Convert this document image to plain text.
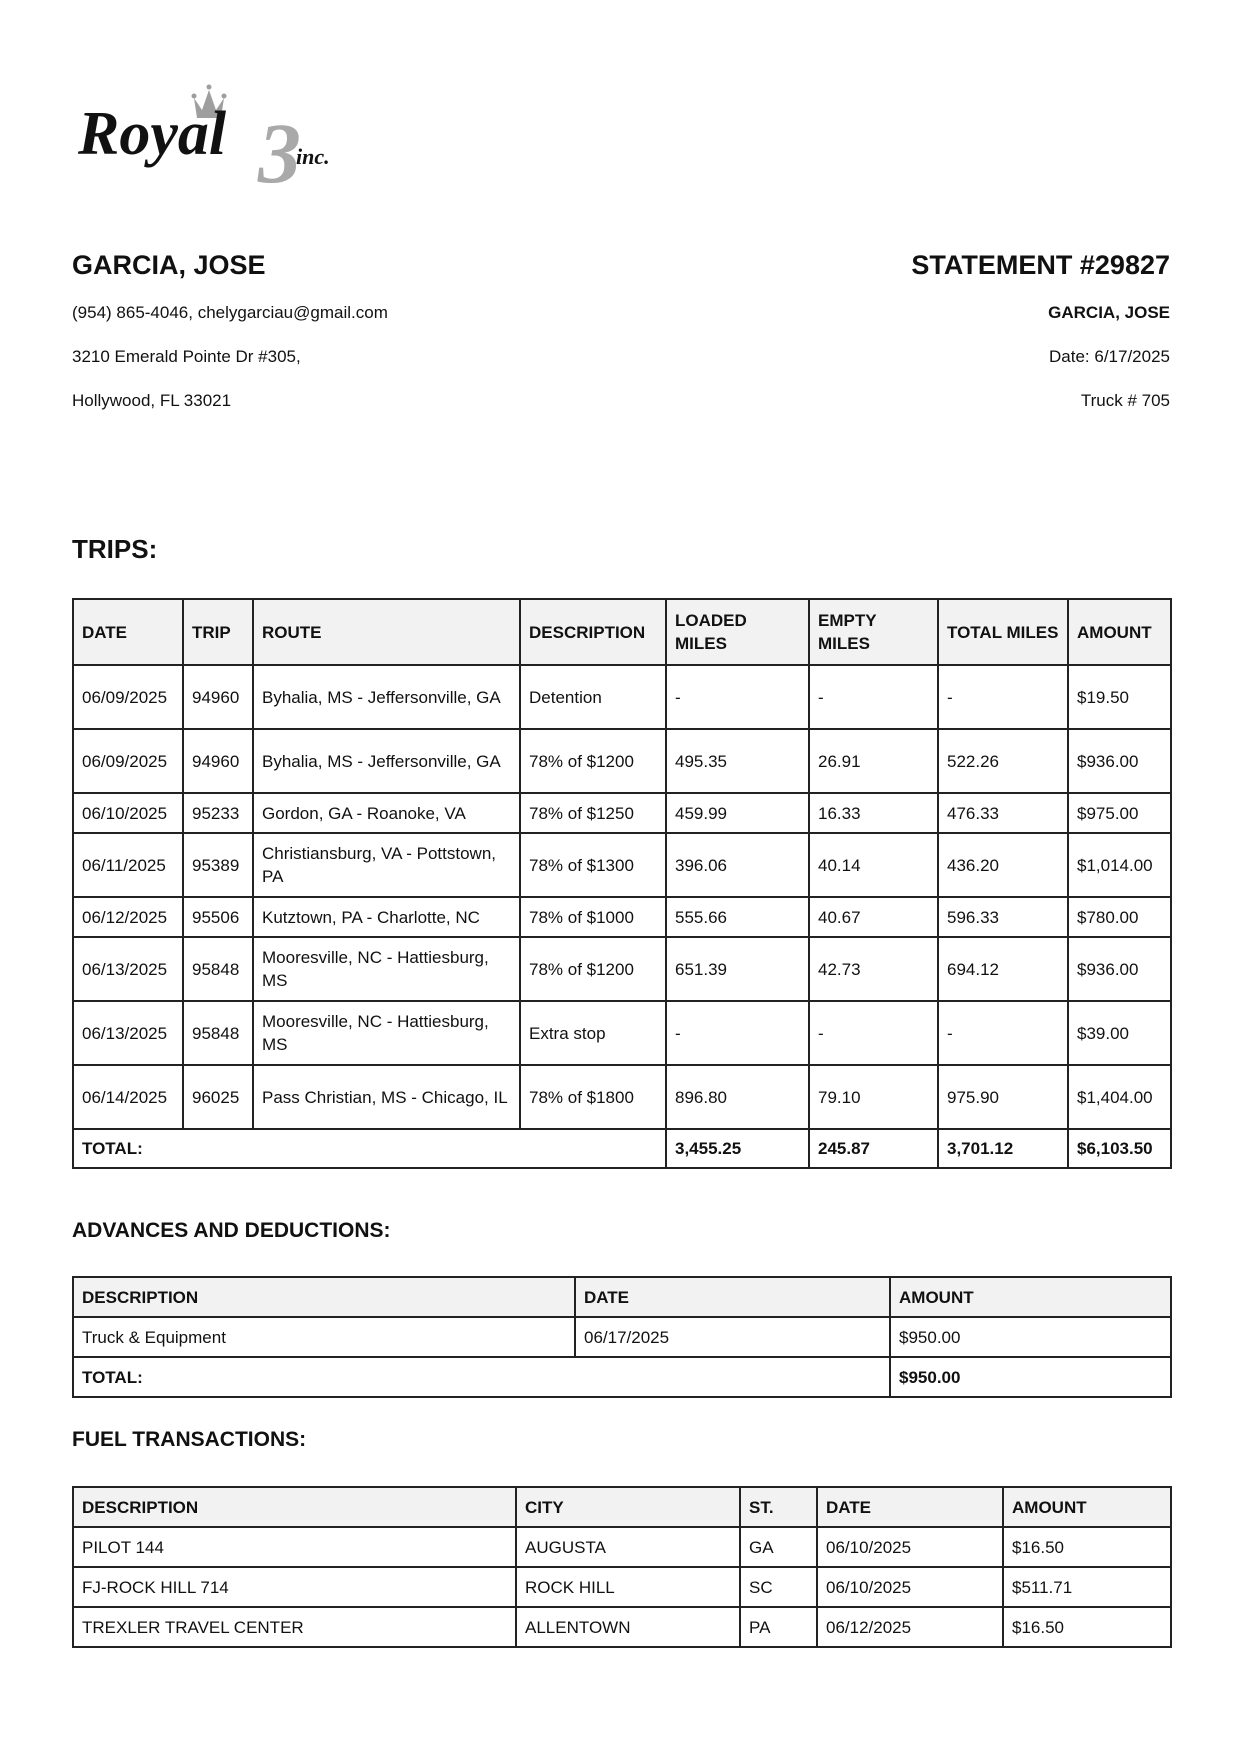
Royal 3
inc.
GARCIA, JOSE
(954) 865-4046, chelygarciau@gmail.com
3210 Emerald Pointe Dr #305,
Hollywood, FL 33021
STATEMENT #29827
GARCIA, JOSE
Date: 6/17/2025
Truck # 705
TRIPS:
DATE	TRIP	ROUTE	DESCRIPTION	LOADED MILES	EMPTY MILES	TOTAL MILES	AMOUNT
06/09/2025	94960	Byhalia, MS - Jeffersonville, GA	Detention	-	-	-	$19.50
06/09/2025	94960	Byhalia, MS - Jeffersonville, GA	78% of $1200	495.35	26.91	522.26	$936.00
06/10/2025	95233	Gordon, GA - Roanoke, VA	78% of $1250	459.99	16.33	476.33	$975.00
06/11/2025	95389	Christiansburg, VA - Pottstown, PA	78% of $1300	396.06	40.14	436.20	$1,014.00
06/12/2025	95506	Kutztown, PA - Charlotte, NC	78% of $1000	555.66	40.67	596.33	$780.00
06/13/2025	95848	Mooresville, NC - Hattiesburg, MS	78% of $1200	651.39	42.73	694.12	$936.00
06/13/2025	95848	Mooresville, NC - Hattiesburg, MS	Extra stop	-	-	-	$39.00
06/14/2025	96025	Pass Christian, MS - Chicago, IL	78% of $1800	896.80	79.10	975.90	$1,404.00
TOTAL:				3,455.25	245.87	3,701.12	$6,103.50
ADVANCES AND DEDUCTIONS:
DESCRIPTION	DATE	AMOUNT
Truck & Equipment	06/17/2025	$950.00
TOTAL:		$950.00
FUEL TRANSACTIONS:
DESCRIPTION	CITY	ST.	DATE	AMOUNT
PILOT 144	AUGUSTA	GA	06/10/2025	$16.50
FJ-ROCK HILL 714	ROCK HILL	SC	06/10/2025	$511.71
TREXLER TRAVEL CENTER	ALLENTOWN	PA	06/12/2025	$16.50
